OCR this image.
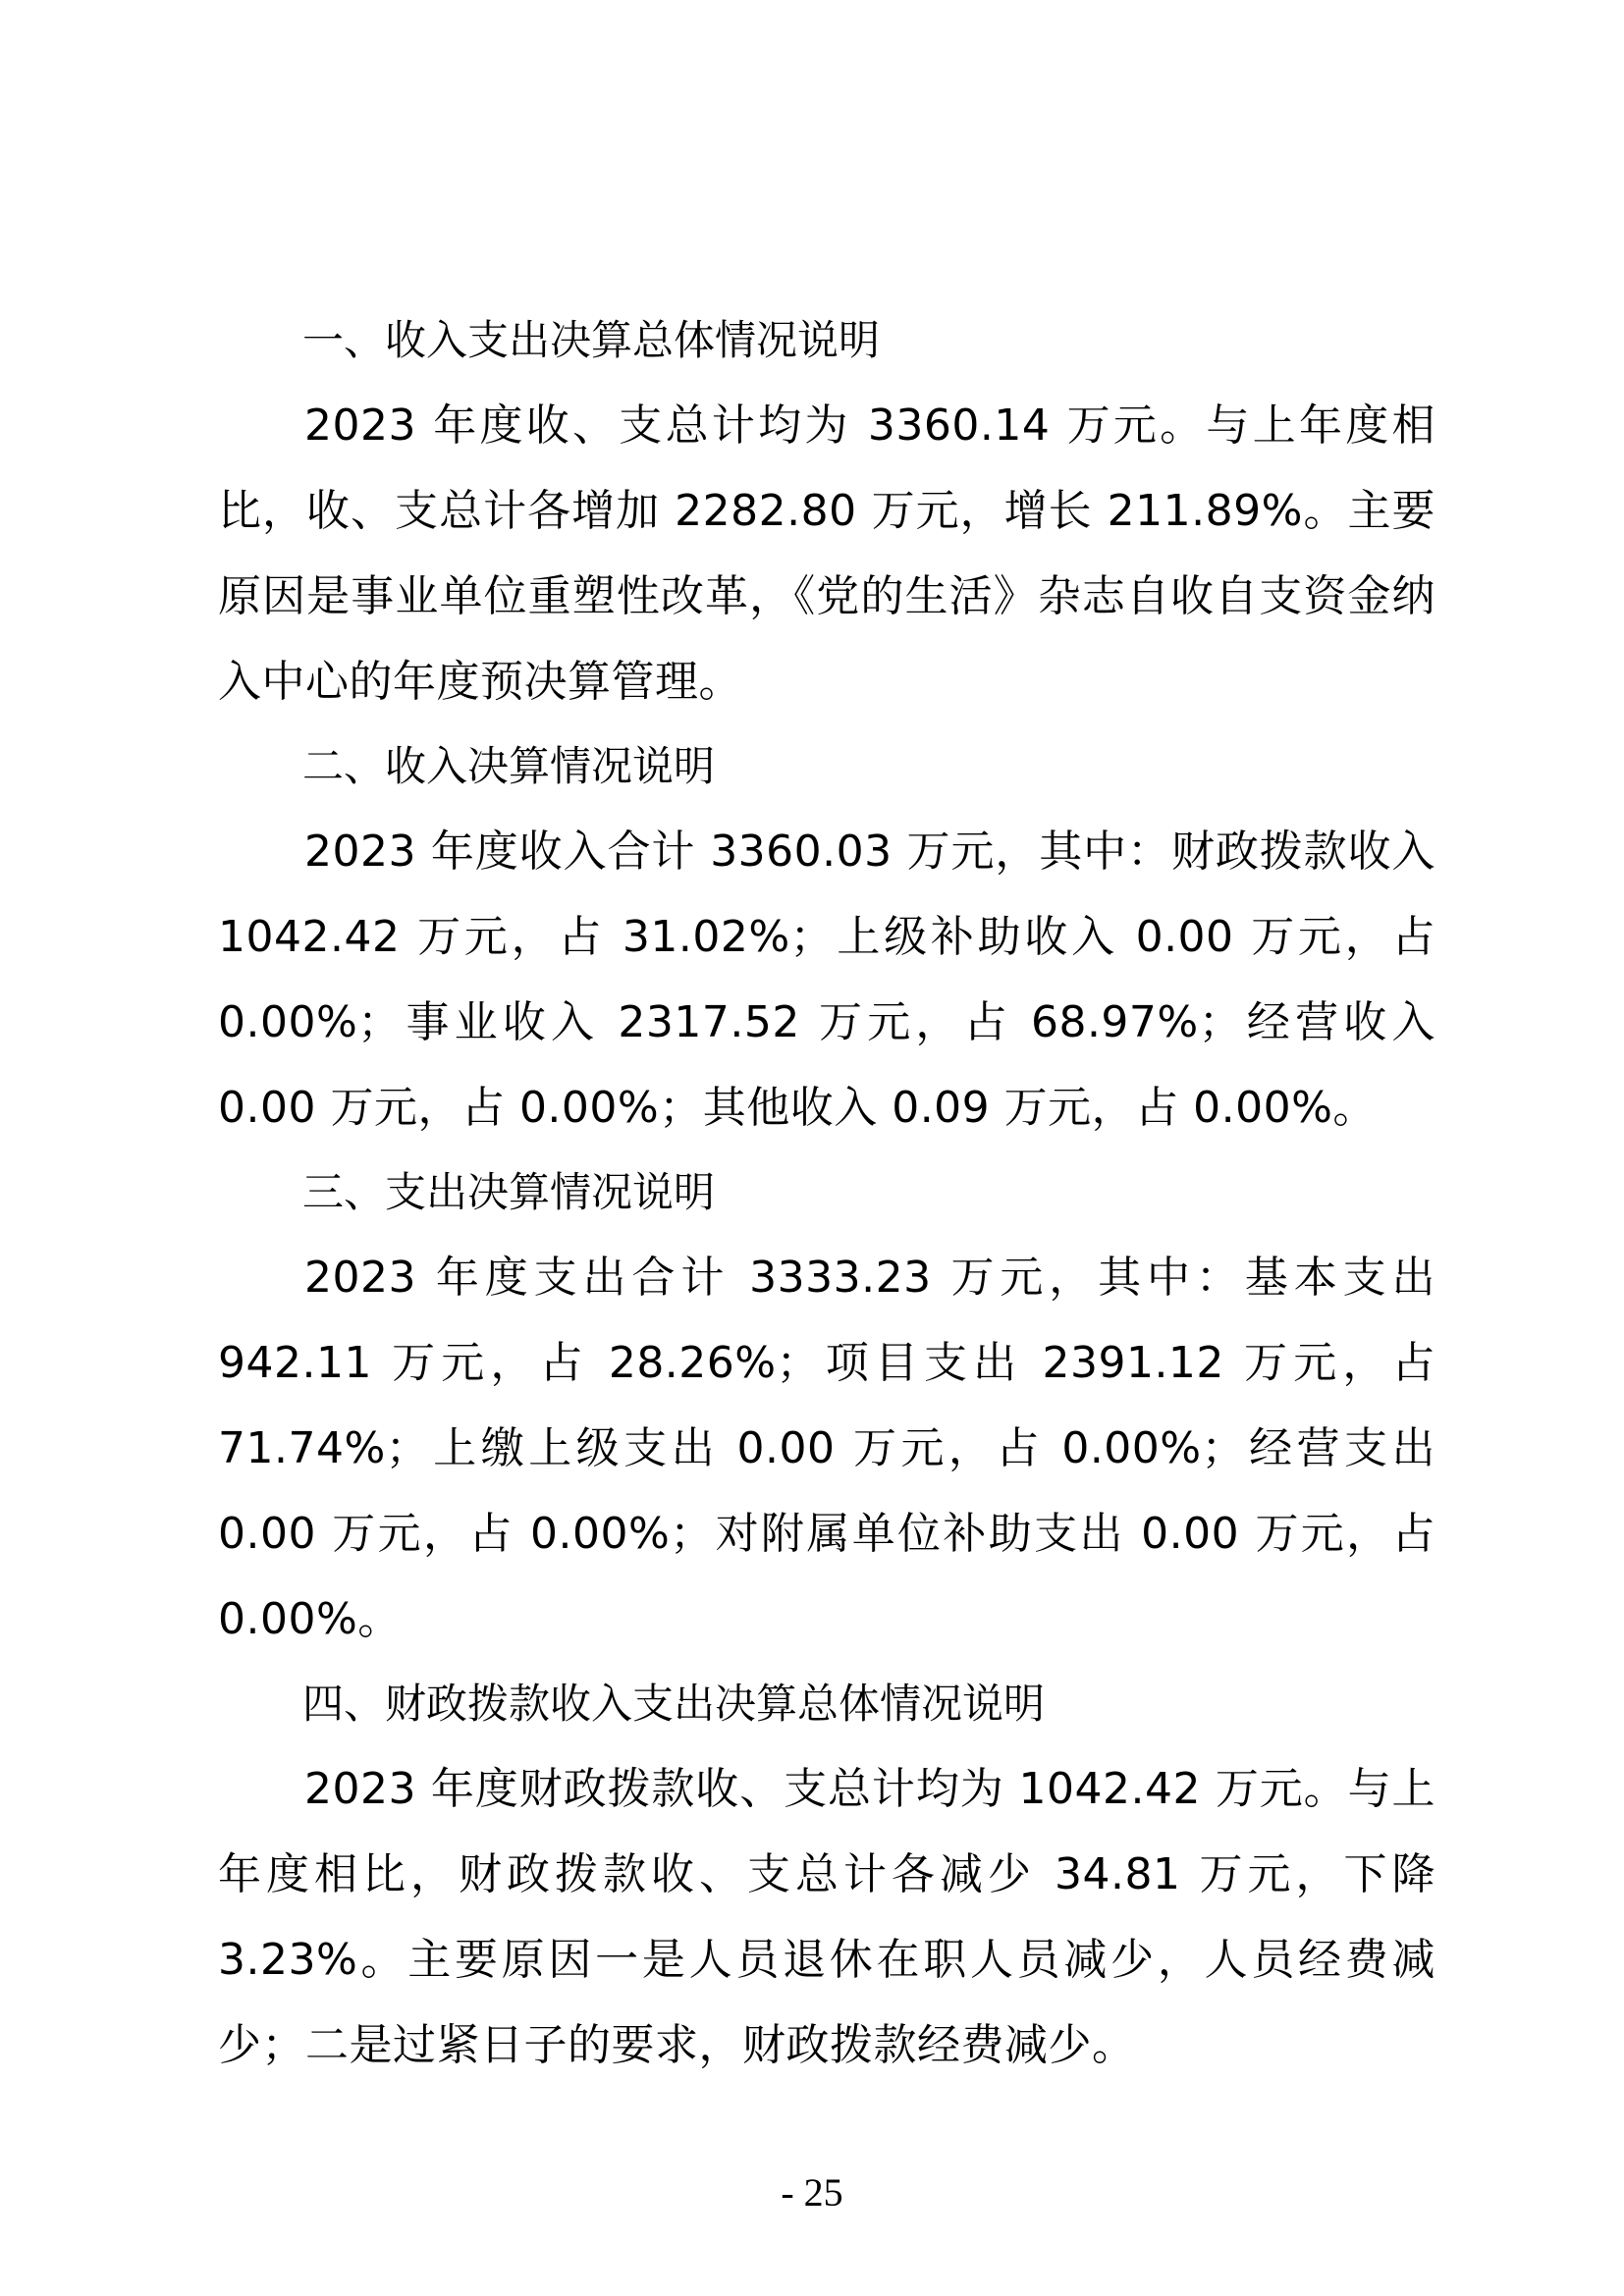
一、收入支出决算总体情况说明

2023 年度收、支总计均为 3360.14 万元。与上年度相比，收、支总计各增加 2282.80 万元，增长 211.89%。主要原因是事业单位重塑性改革，《党的生活》杂志自收自支资金纳入中心的年度预决算管理。

二、收入决算情况说明

2023 年度收入合计 3360.03 万元，其中：财政拨款收入 1042.42 万元，占 31.02%；上级补助收入 0.00 万元，占 0.00%；事业收入 2317.52 万元，占 68.97%；经营收入 0.00 万元，占 0.00%；其他收入 0.09 万元，占 0.00%。

三、支出决算情况说明

2023 年度支出合计 3333.23 万元，其中：基本支出 942.11 万元，占 28.26%；项目支出 2391.12 万元，占 71.74%；上缴上级支出 0.00 万元，占 0.00%；经营支出 0.00 万元，占 0.00%；对附属单位补助支出 0.00 万元，占 0.00%。

四、财政拨款收入支出决算总体情况说明

2023 年度财政拨款收、支总计均为 1042.42 万元。与上年度相比，财政拨款收、支总计各减少 34.81 万元，下降 3.23%。主要原因一是人员退休在职人员减少，人员经费减少；二是过紧日子的要求，财政拨款经费减少。

- 25
